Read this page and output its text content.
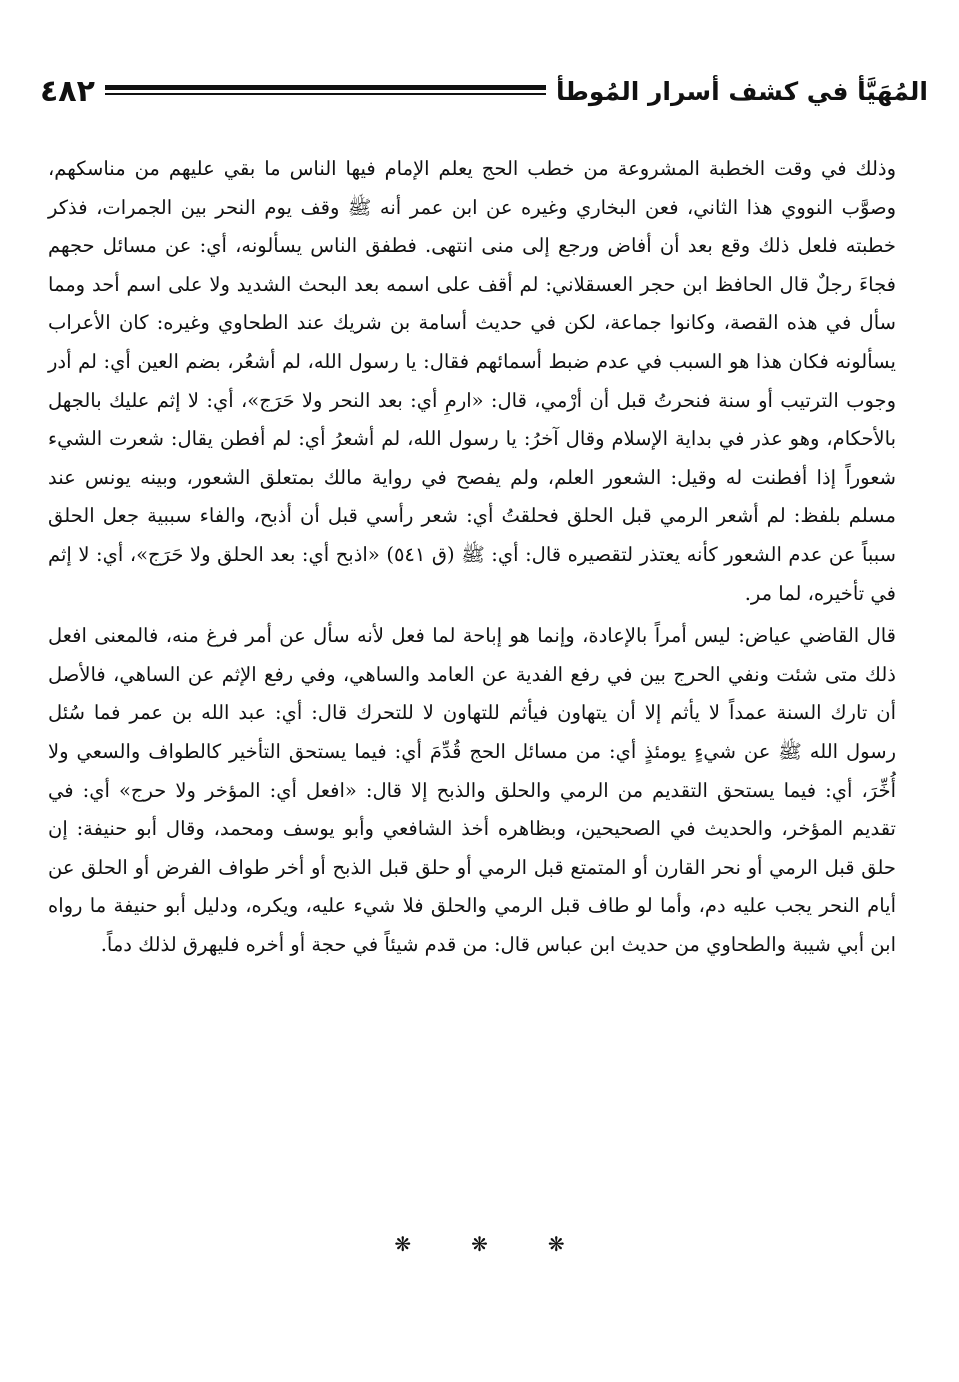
٤٨٢	المُهَيَّأ في كشف أسرار المُوطأ

وذلك في وقت الخطبة المشروعة من خطب الحج يعلم الإمام فيها الناس ما بقي عليهم من مناسكهم، وصوَّب النووي هذا الثاني، فعن البخاري وغيره عن ابن عمر أنه ﷺ وقف يوم النحر بين الجمرات، فذكر خطبته فلعل ذلك وقع بعد أن أفاض ورجع إلى منى انتهى. فطفق الناس يسألونه، أي: عن مسائل حجهم فجاءَ رجلٌ قال الحافظ ابن حجر العسقلاني: لم أقف على اسمه بعد البحث الشديد ولا على اسم أحد ومما سأل في هذه القصة، وكانوا جماعة، لكن في حديث أسامة بن شريك عند الطحاوي وغيره: كان الأعراب يسألونه فكان هذا هو السبب في عدم ضبط أسمائهم فقال: يا رسول الله، لم أشعُر، بضم العين أي: لم أدر وجوب الترتيب أو سنة فنحرتُ قبل أن أرْمي، قال: «ارمِ أي: بعد النحر ولا حَرَج»، أي: لا إثم عليك بالجهل بالأحكام، وهو عذر في بداية الإسلام وقال آخرُ: يا رسول الله، لم أشعرُ أي: لم أفطن يقال: شعرت الشيء شعوراً إذا أفطنت له وقيل: الشعور العلم، ولم يفصح في رواية مالك بمتعلق الشعور، وبينه يونس عند مسلم بلفظ: لم أشعر الرمي قبل الحلق فحلقتُ أي: شعر رأسي قبل أن أذبح، والفاء سببية جعل الحلق سبباً عن عدم الشعور كأنه يعتذر لتقصيره قال: أي: ﷺ (ق ٥٤١) «اذبح أي: بعد الحلق ولا حَرَج»، أي: لا إثم في تأخيره، لما مر.

قال القاضي عياض: ليس أمراً بالإعادة، وإنما هو إباحة لما فعل لأنه سأل عن أمر فرغ منه، فالمعنى افعل ذلك متى شئت ونفي الحرج بين في رفع الفدية عن العامد والساهي، وفي رفع الإثم عن الساهي، فالأصل أن تارك السنة عمداً لا يأثم إلا أن يتهاون فيأثم للتهاون لا للتحرك قال: أي: عبد الله بن عمر فما سُئل رسول الله ﷺ عن شيءٍ يومئذٍ أي: من مسائل الحج قُدِّمَ أي: فيما يستحق التأخير كالطواف والسعي ولا أُخِّرَ، أي: فيما يستحق التقديم من الرمي والحلق والذبح إلا قال: «افعل أي: المؤخر ولا حرج» أي: في تقديم المؤخر، والحديث في الصحيحين، وبظاهره أخذ الشافعي وأبو يوسف ومحمد، وقال أبو حنيفة: إن حلق قبل الرمي أو نحر القارن أو المتمتع قبل الرمي أو حلق قبل الذبح أو أخر طواف الفرض أو الحلق عن أيام النحر يجب عليه دم، وأما لو طاف قبل الرمي والحلق فلا شيء عليه، ويكره، ودليل أبو حنيفة ما رواه ابن أبي شيبة والطحاوي من حديث ابن عباس قال: من قدم شيئاً في حجة أو أخره فليهرق لذلك دماً.

❋	❋	❋
